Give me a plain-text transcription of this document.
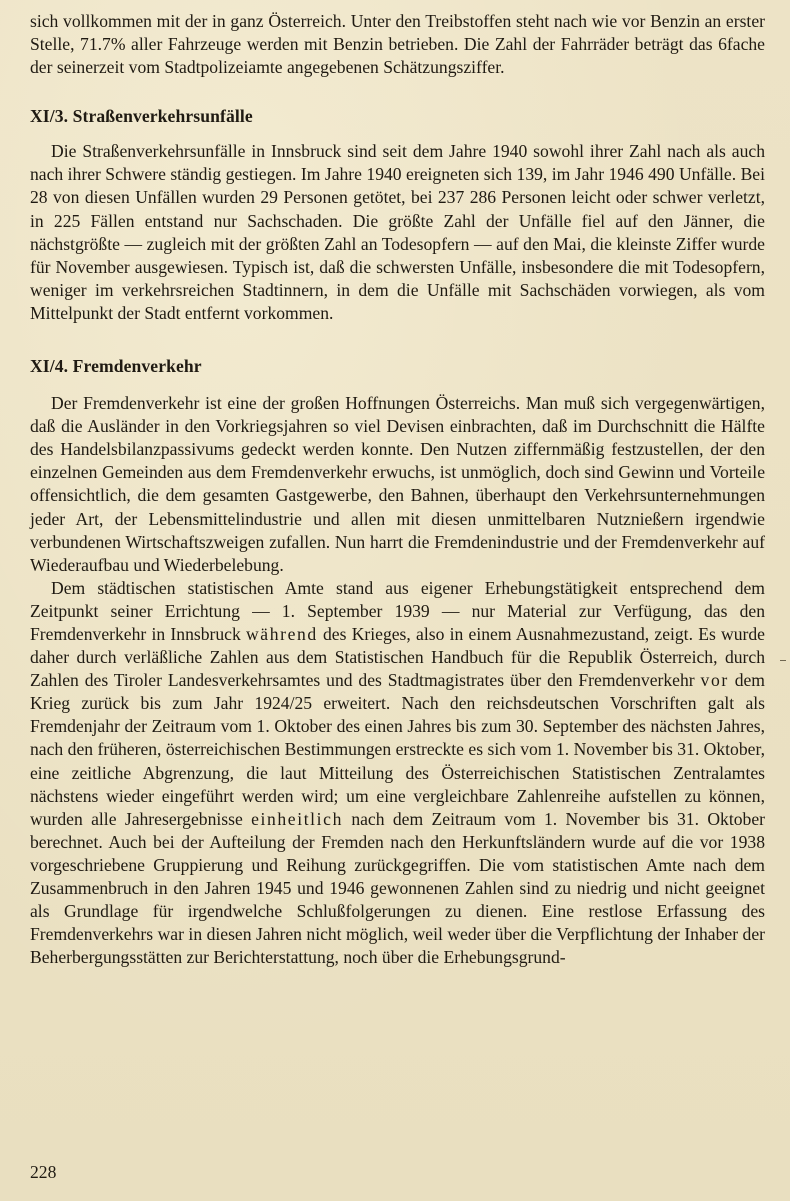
sich vollkommen mit der in ganz Österreich. Unter den Treibstoffen steht nach wie vor Benzin an erster Stelle, 71.7% aller Fahrzeuge werden mit Benzin betrieben. Die Zahl der Fahrräder beträgt das 6fache der seinerzeit vom Stadtpolizeiamte angegebenen Schätzungsziffer.

XI/3. Straßenverkehrsunfälle

Die Straßenverkehrsunfälle in Innsbruck sind seit dem Jahre 1940 sowohl ihrer Zahl nach als auch nach ihrer Schwere ständig gestiegen. Im Jahre 1940 ereigneten sich 139, im Jahr 1946 490 Unfälle. Bei 28 von diesen Unfällen wurden 29 Personen getötet, bei 237 286 Personen leicht oder schwer verletzt, in 225 Fällen entstand nur Sachschaden. Die größte Zahl der Unfälle fiel auf den Jänner, die nächstgrößte — zugleich mit der größten Zahl an Todesopfern — auf den Mai, die kleinste Ziffer wurde für November ausgewiesen. Typisch ist, daß die schwersten Unfälle, insbesondere die mit Todesopfern, weniger im verkehrsreichen Stadtinnern, in dem die Unfälle mit Sachschäden vorwiegen, als vom Mittelpunkt der Stadt entfernt vorkommen.

XI/4. Fremdenverkehr

Der Fremdenverkehr ist eine der großen Hoffnungen Österreichs. Man muß sich vergegenwärtigen, daß die Ausländer in den Vorkriegsjahren so viel Devisen einbrachten, daß im Durchschnitt die Hälfte des Handelsbilanzpassivums gedeckt werden konnte. Den Nutzen ziffernmäßig festzustellen, der den einzelnen Gemeinden aus dem Fremdenverkehr erwuchs, ist unmöglich, doch sind Gewinn und Vorteile offensichtlich, die dem gesamten Gastgewerbe, den Bahnen, überhaupt den Verkehrsunternehmungen jeder Art, der Lebensmittelindustrie und allen mit diesen unmittelbaren Nutznießern irgendwie verbundenen Wirtschaftszweigen zufallen. Nun harrt die Fremdenindustrie und der Fremdenverkehr auf Wiederaufbau und Wiederbelebung.

Dem städtischen statistischen Amte stand aus eigener Erhebungstätigkeit entsprechend dem Zeitpunkt seiner Errichtung — 1. September 1939 — nur Material zur Verfügung, das den Fremdenverkehr in Innsbruck während des Krieges, also in einem Ausnahmezustand, zeigt. Es wurde daher durch verläßliche Zahlen aus dem Statistischen Handbuch für die Republik Österreich, durch Zahlen des Tiroler Landesverkehrsamtes und des Stadtmagistrates über den Fremdenverkehr vor dem Krieg zurück bis zum Jahr 1924/25 erweitert. Nach den reichsdeutschen Vorschriften galt als Fremdenjahr der Zeitraum vom 1. Oktober des einen Jahres bis zum 30. September des nächsten Jahres, nach den früheren, österreichischen Bestimmungen erstreckte es sich vom 1. November bis 31. Oktober, eine zeitliche Abgrenzung, die laut Mitteilung des Österreichischen Statistischen Zentralamtes nächstens wieder eingeführt werden wird; um eine vergleichbare Zahlenreihe aufstellen zu können, wurden alle Jahresergebnisse einheitlich nach dem Zeitraum vom 1. November bis 31. Oktober berechnet. Auch bei der Aufteilung der Fremden nach den Herkunftsländern wurde auf die vor 1938 vorgeschriebene Gruppierung und Reihung zurückgegriffen. Die vom statistischen Amte nach dem Zusammenbruch in den Jahren 1945 und 1946 gewonnenen Zahlen sind zu niedrig und nicht geeignet als Grundlage für irgendwelche Schlußfolgerungen zu dienen. Eine restlose Erfassung des Fremdenverkehrs war in diesen Jahren nicht möglich, weil weder über die Verpflichtung der Inhaber der Beherbergungsstätten zur Berichterstattung, noch über die Erhebungsgrund-

228
